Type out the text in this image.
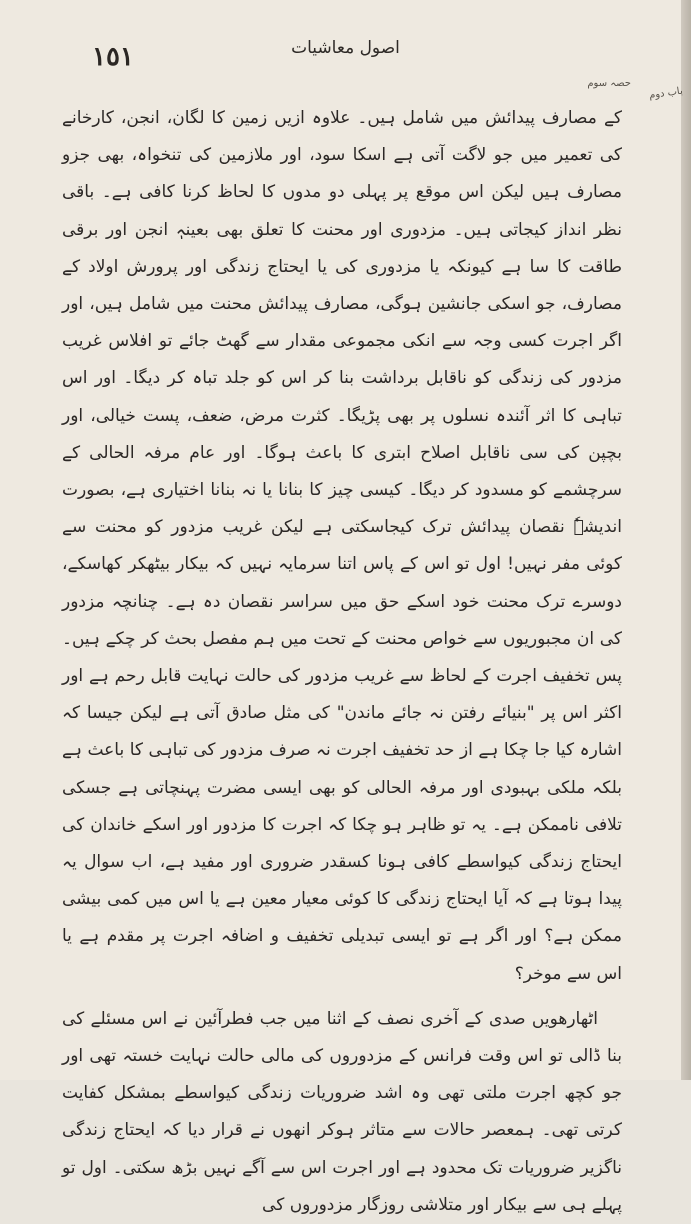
١٥١	اصول معاشیات
حصہ سوم
باب دوم

کے مصارف پیدائش میں شامل ہیں۔ علاوہ ازیں زمین کا لگان، انجن، کارخانے کی تعمیر میں جو لاگت آتی ہے اسکا سود، اور ملازمین کی تنخواہ، بھی جزو مصارف ہیں لیکن اس موقع پر پہلی دو مدوں کا لحاظ کرنا کافی ہے۔ باقی نظر انداز کیجاتی ہیں۔ مزدوری اور محنت کا تعلق بھی بعینہٖ انجن اور برقی طاقت کا سا ہے کیونکہ یا مزدوری کی یا ایحتاج زندگی اور پرورش اولاد کے مصارف، جو اسکی جانشین ہوگی، مصارف پیدائش محنت میں شامل ہیں، اور اگر اجرت کسی وجہ سے انکی مجموعی مقدار سے گھٹ جائے تو افلاس غریب مزدور کی زندگی کو ناقابل برداشت بنا کر اس کو جلد تباہ کر دیگا۔ اور اس تباہی کا اثر آئندہ نسلوں پر بھی پڑیگا۔ کثرت مرض، ضعف، پست خیالی، اور بچپن کی سی ناقابل اصلاح ابتری کا باعث ہوگا۔ اور عام مرفہ الحالی کے سرچشمے کو مسدود کر دیگا۔ کیسی چیز کا بنانا یا نہ بنانا اختیاری ہے، بصورت اندیشہٗ نقصان پیدائش ترک کیجاسکتی ہے لیکن غریب مزدور کو محنت سے کوئی مفر نہیں! اول تو اس کے پاس اتنا سرمایہ نہیں کہ بیکار بیٹھکر کھاسکے، دوسرے ترک محنت خود اسکے حق میں سراسر نقصان دہ ہے۔ چنانچہ مزدور کی ان مجبوریوں سے خواص محنت کے تحت میں ہم مفصل بحث کر چکے ہیں۔ پس تخفیف اجرت کے لحاظ سے غریب مزدور کی حالت نہایت قابل رحم ہے اور اکثر اس پر "بنیائے رفتن نہ جائے ماندن" کی مثل صادق آتی ہے لیکن جیسا کہ اشارہ کیا جا چکا ہے از حد تخفیف اجرت نہ صرف مزدور کی تباہی کا باعث ہے بلکہ ملکی بہبودی اور مرفہ الحالی کو بھی ایسی مضرت پہنچاتی ہے جسکی تلافی ناممکن ہے۔ یہ تو ظاہر ہو چکا کہ اجرت کا مزدور اور اسکے خاندان کی ایحتاج زندگی کیواسطے کافی ہونا کسقدر ضروری اور مفید ہے، اب سوال یہ پیدا ہوتا ہے کہ آیا ایحتاج زندگی کا کوئی معیار معین ہے یا اس میں کمی بیشی ممکن ہے؟ اور اگر ہے تو ایسی تبدیلی تخفیف و اضافہ اجرت پر مقدم ہے یا اس سے موخر؟

اٹھارھویں صدی کے آخری نصف کے اثنا میں جب فطرآئین نے اس مسئلے کی بنا ڈالی تو اس وقت فرانس کے مزدوروں کی مالی حالت نہایت خستہ تھی اور جو کچھ اجرت ملتی تھی وہ اشد ضروریات زندگی کیواسطے بمشکل کفایت کرتی تھی۔ ہمعصر حالات سے متاثر ہوکر انھوں نے قرار دیا کہ ایحتاج زندگی ناگزیر ضروریات تک محدود ہے اور اجرت اس سے آگے نہیں بڑھ سکتی۔ اول تو پہلے ہی سے بیکار اور متلاشی روزگار مزدوروں کی
